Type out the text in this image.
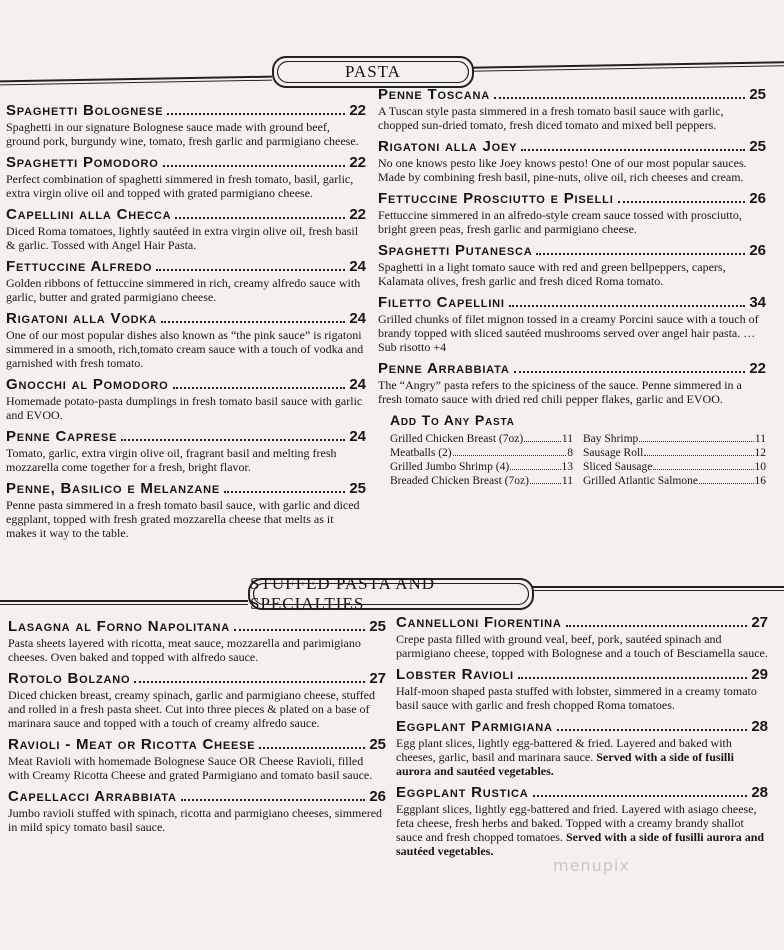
PASTA
Spaghetti Bolognese	22
Spaghetti in our signature Bolognese sauce made with ground beef, ground pork, burgundy wine, tomato, fresh garlic and parmigiano cheese.
Spaghetti Pomodoro	22
Perfect combination of spaghetti simmered in fresh tomato, basil, garlic, extra virgin olive oil and topped with grated parmigiano cheese.
Capellini alla Checca	22
Diced Roma tomatoes, lightly sautéed in extra virgin olive oil, fresh basil & garlic. Tossed with Angel Hair Pasta.
Fettuccine Alfredo	24
Golden ribbons of fettuccine simmered in rich, creamy alfredo sauce with garlic, butter and grated parmigiano cheese.
Rigatoni alla Vodka	24
One of our most popular dishes also known as “the pink sauce” is rigatoni simmered in a smooth, rich,tomato cream sauce with a touch of vodka and garnished with fresh tomato.
Gnocchi al Pomodoro	24
Homemade potato-pasta dumplings in fresh tomato basil sauce with garlic and EVOO.
Penne Caprese	24
Tomato, garlic, extra virgin olive oil, fragrant basil and melting fresh mozzarella come together for a fresh, bright flavor.
Penne, Basilico e Melanzane	25
Penne pasta simmered in a fresh tomato basil sauce, with garlic and diced eggplant, topped with fresh grated mozzarella cheese that melts as it makes it way to the table.
Penne Toscana	25
A Tuscan style pasta simmered in a fresh tomato basil sauce with garlic, chopped sun-dried tomato, fresh diced tomato and mixed bell peppers.
Rigatoni alla Joey	25
No one knows pesto like Joey knows pesto! One of our most popular sauces. Made by combining fresh basil, pine-nuts, olive oil, rich cheeses and cream.
Fettuccine Prosciutto e Piselli	26
Fettuccine simmered in an alfredo-style cream sauce tossed with prosciutto, bright green peas, fresh garlic and parmigiano cheese.
Spaghetti Putanesca	26
Spaghetti in a light tomato sauce with red and green bellpeppers, capers, Kalamata olives, fresh garlic and fresh diced Roma tomato.
Filetto Capellini	34
Grilled chunks of filet mignon tossed in a creamy Porcini sauce with a touch of brandy topped with sliced sautéed mushrooms served over angel hair pasta. … Sub risotto +4
Penne Arrabbiata	22
The “Angry” pasta refers to the spiciness of the sauce. Penne simmered in a fresh tomato sauce with dried red chili pepper flakes, garlic and EVOO.
Add To Any Pasta
Grilled Chicken Breast (7oz)	11
Meatballs (2)	8
Grilled Jumbo Shrimp (4)	13
Breaded Chicken Breast (7oz)	11
Bay Shrimp	11
Sausage Roll	12
Sliced Sausage	10
Grilled Atlantic Salmone	16
STUFFED PASTA AND SPECIALTIES
Lasagna al Forno Napolitana	25
Pasta sheets layered with ricotta, meat sauce, mozzarella and parimigiano cheeses. Oven baked and topped with alfredo sauce.
Rotolo Bolzano	27
Diced chicken breast, creamy spinach, garlic and parmigiano cheese, stuffed and rolled in a fresh pasta sheet. Cut into three pieces & plated on a base of marinara sauce and topped with a touch of creamy alfredo sauce.
Ravioli - Meat or Ricotta Cheese	25
Meat Ravioli with homemade Bolognese Sauce OR Cheese Ravioli, filled with Creamy Ricotta Cheese and grated Parmigiano and tomato basil sauce.
Capellacci Arrabbiata	26
Jumbo ravioli stuffed with spinach, ricotta and parmigiano cheeses, simmered in mild spicy tomato basil sauce.
Cannelloni Fiorentina	27
Crepe pasta filled with ground veal, beef, pork, sautéed spinach and parmigiano cheese, topped with Bolognese and a touch of Besciamella sauce.
Lobster Ravioli	29
Half-moon shaped pasta stuffed with lobster, simmered in a creamy tomato basil sauce with garlic and fresh chopped Roma tomatoes.
Eggplant Parmigiana	28
Egg plant slices, lightly egg-battered & fried. Layered and baked with cheeses, garlic, basil and marinara sauce. Served with a side of fusilli aurora and sautéed vegetables.
Eggplant Rustica	28
Eggplant slices, lightly egg-battered and fried. Layered with asiago cheese, feta cheese, fresh herbs and baked. Topped with a creamy brandy shallot sauce and fresh chopped tomatoes. Served with a side of fusilli aurora and sautéed vegetables.
menupix
